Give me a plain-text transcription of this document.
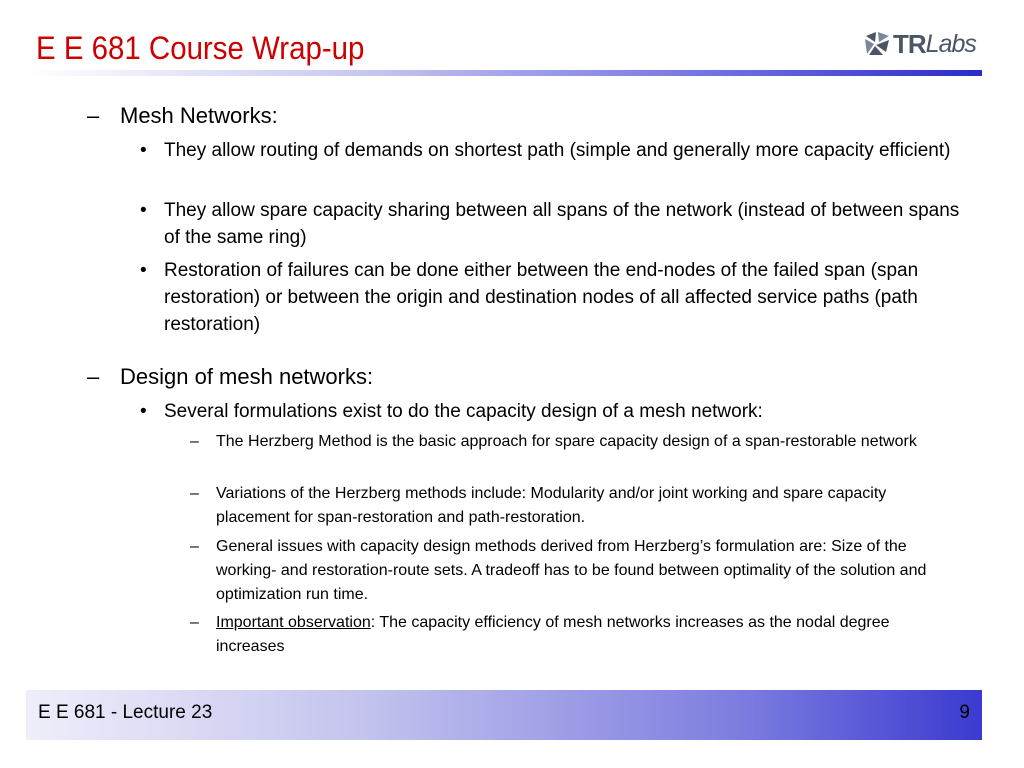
E E 681 Course Wrap-up	TR Labs
– Mesh Networks:
• They allow routing of demands on shortest path (simple and generally more capacity efficient)
• They allow spare capacity sharing between all spans of the network (instead of between spans of the same ring)
• Restoration of failures can be done either between the end-nodes of the failed span (span restoration) or between the origin and destination nodes of all affected service paths (path restoration)
– Design of mesh networks:
• Several formulations exist to do the capacity design of a mesh network:
– The Herzberg Method is the basic approach for spare capacity design of a span-restorable network
– Variations of the Herzberg methods include: Modularity and/or joint working and spare capacity placement for span-restoration and path-restoration.
– General issues with capacity design methods derived from Herzberg’s formulation are: Size of the working- and restoration-route sets. A tradeoff has to be found between optimality of the solution and optimization run time.
– Important observation: The capacity efficiency of mesh networks increases as the nodal degree increases
E E 681 - Lecture 23	9
